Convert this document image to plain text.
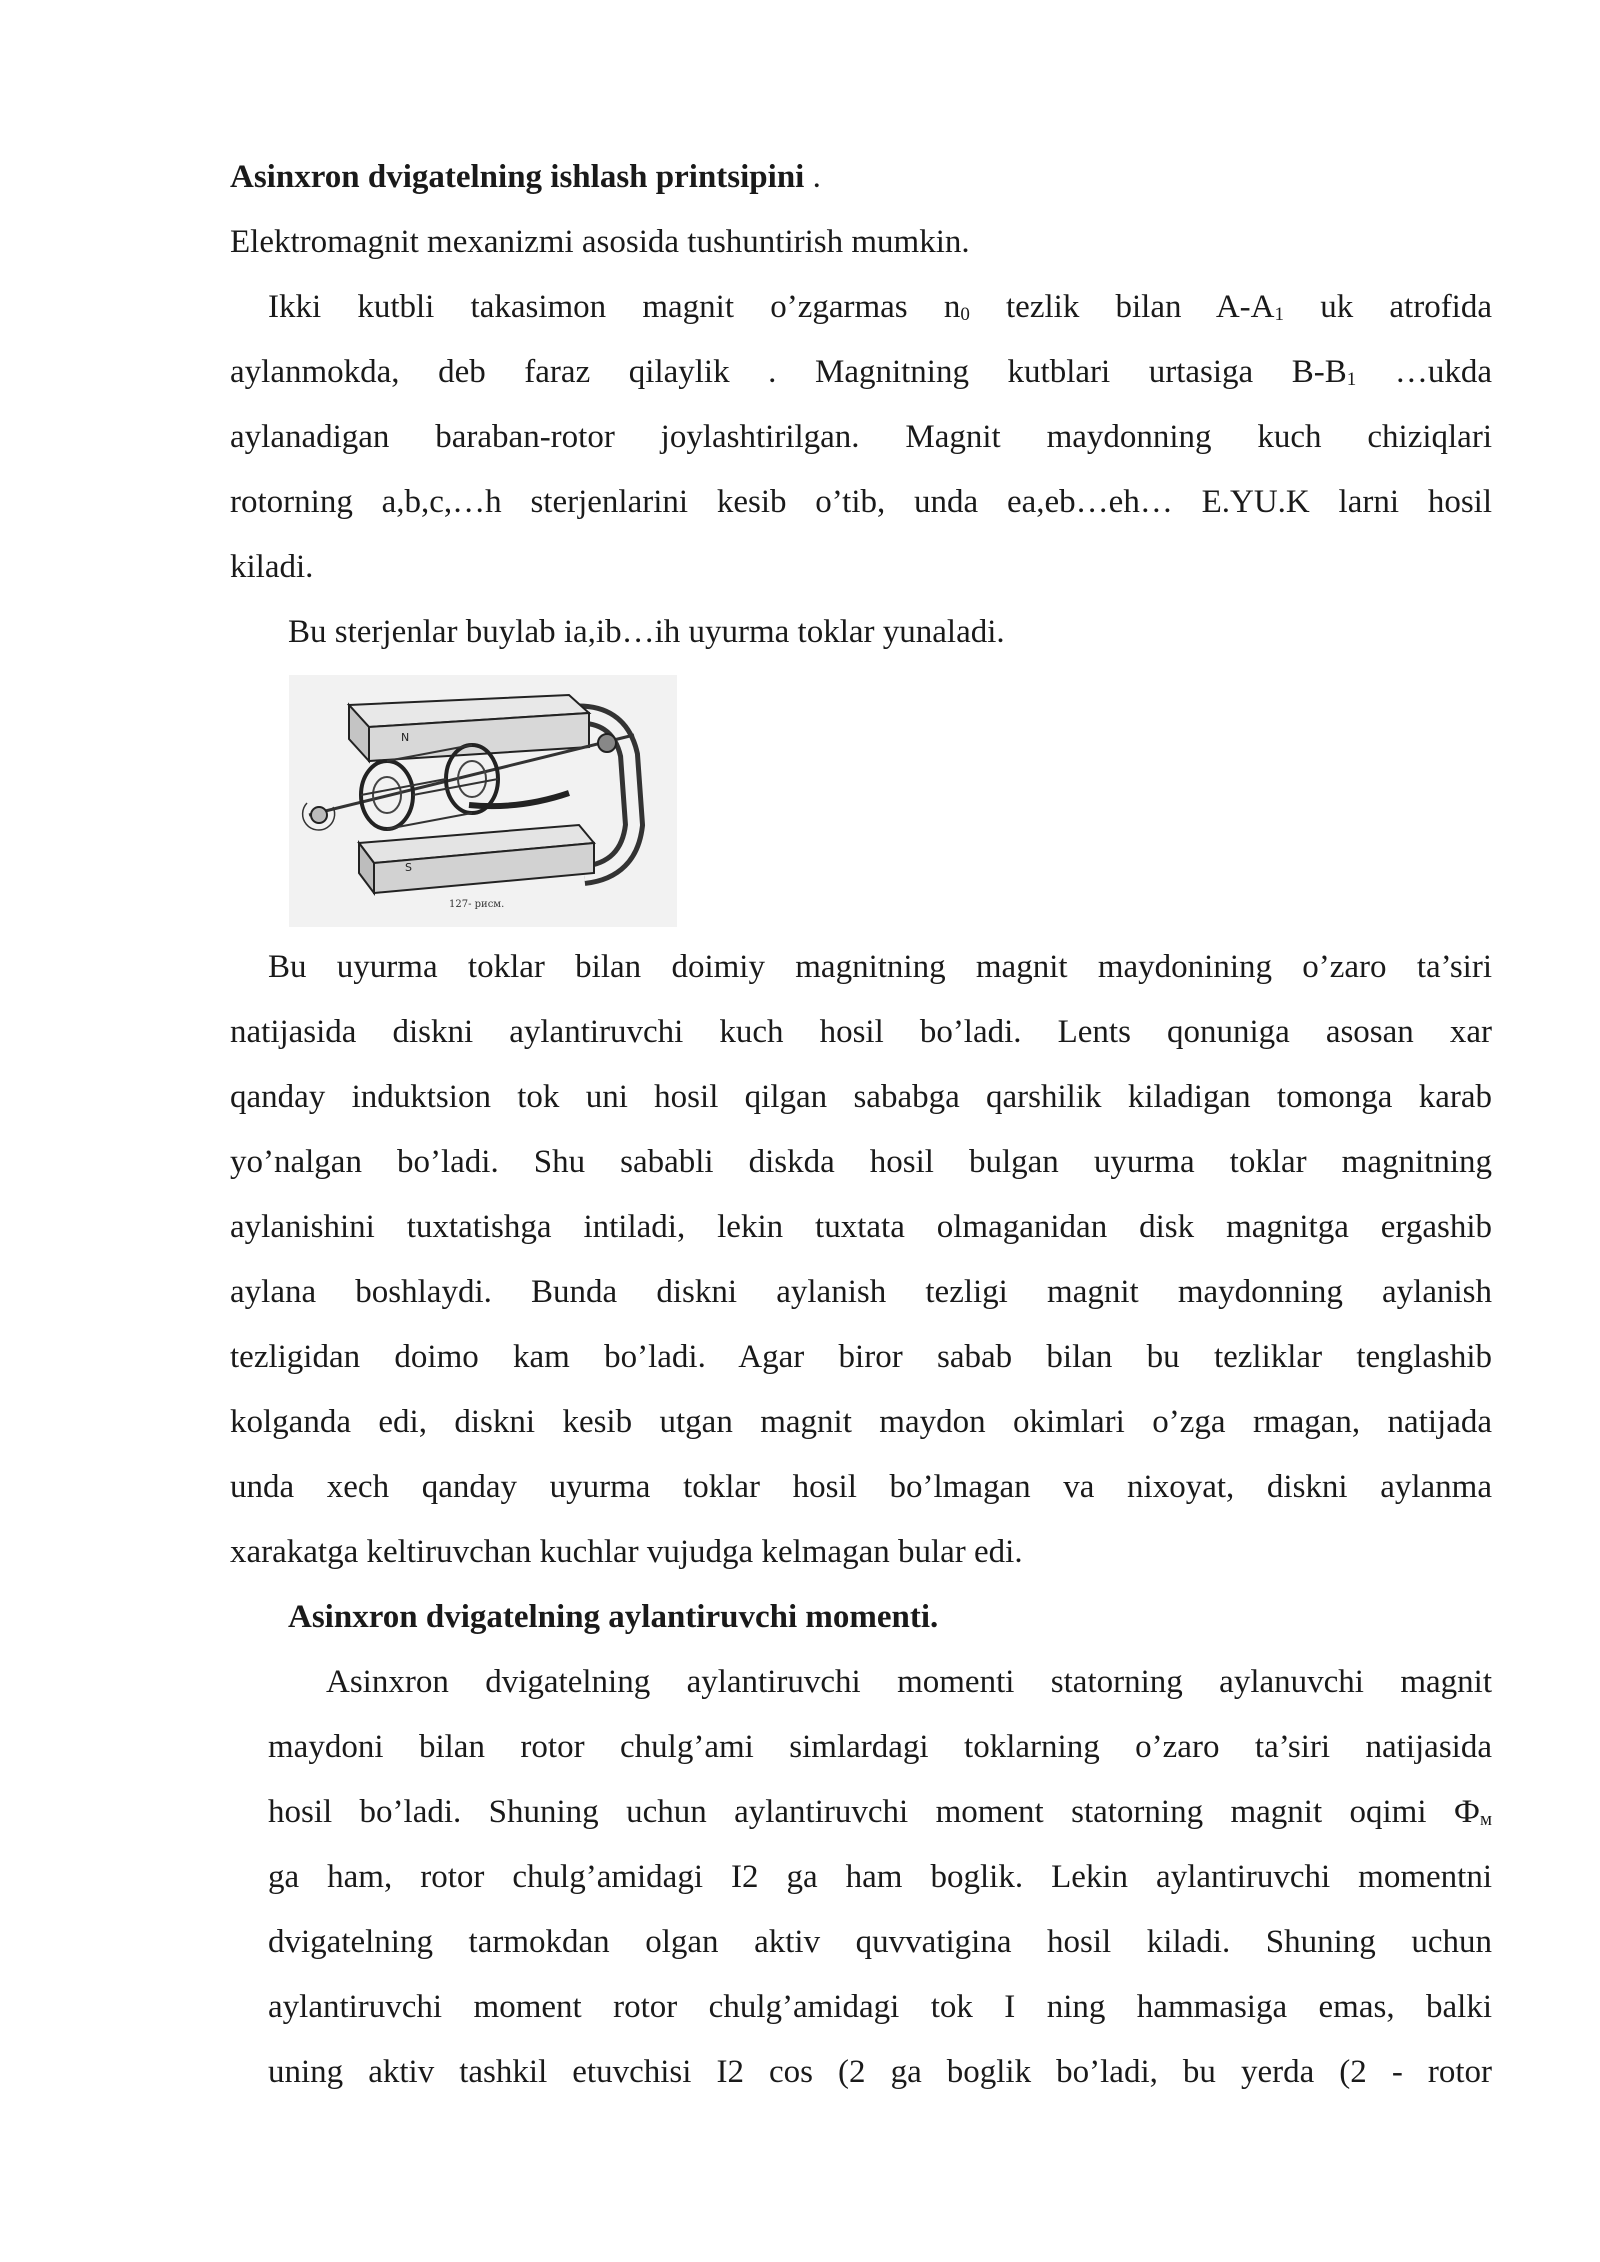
Asinxron dvigatelning ishlash printsipini .
Elektromagnit mexanizmi asosida tushuntirish mumkin.
Ikki kutbli takasimon magnit o’zgarmas $n_0$ tezlik bilan $A-A_1$ uk atrofida
aylanmokda, deb faraz qilaylik . Magnitning kutblari urtasiga $B-B_1$ …ukda
aylanadigan baraban-rotor joylashtirilgan. Magnit maydonning kuch chiziqlari
rotorning a,b,c,…h sterjenlarini kesib o’tib, unda ea,eb…eh… E.YU.K larni hosil
kiladi.
Bu sterjenlar buylab ia,ib…ih uyurma toklar yunaladi.
N
S
127- рисм.
Bu uyurma toklar bilan doimiy magnitning magnit maydonining o’zaro ta’siri
natijasida diskni aylantiruvchi kuch hosil bo’ladi. Lents qonuniga asosan xar
qanday induktsion tok uni hosil qilgan sababga qarshilik kiladigan tomonga karab
yo’nalgan bo’ladi. Shu sababli diskda hosil bulgan uyurma toklar magnitning
aylanishini tuxtatishga intiladi, lekin tuxtata olmaganidan disk magnitga ergashib
aylana boshlaydi. Bunda diskni aylanish tezligi magnit maydonning aylanish
tezligidan doimo kam bo’ladi. Agar biror sabab bilan bu tezliklar tenglashib
kolganda edi, diskni kesib utgan magnit maydon okimlari o’zga rmagan, natijada
unda xech qanday uyurma toklar hosil bo’lmagan va nixoyat, diskni aylanma
xarakatga keltiruvchan kuchlar vujudga kelmagan bular edi.
Asinxron dvigatelning aylantiruvchi momenti.
Asinxron dvigatelning aylantiruvchi momenti statorning aylanuvchi magnit
maydoni bilan rotor chulg’ami simlardagi toklarning o’zaro ta’siri natijasida
hosil bo’ladi. Shuning uchun aylantiruvchi moment statorning magnit oqimi $Ф_м$
ga ham, rotor chulg’amidagi I2 ga ham boglik. Lekin aylantiruvchi momentni
dvigatelning tarmokdan olgan aktiv quvvatigina hosil kiladi. Shuning uchun
aylantiruvchi moment rotor chulg’amidagi tok I ning hammasiga emas, balki
uning aktiv tashkil etuvchisi I2 cos (2 ga boglik bo’ladi, bu yerda (2 - rotor
